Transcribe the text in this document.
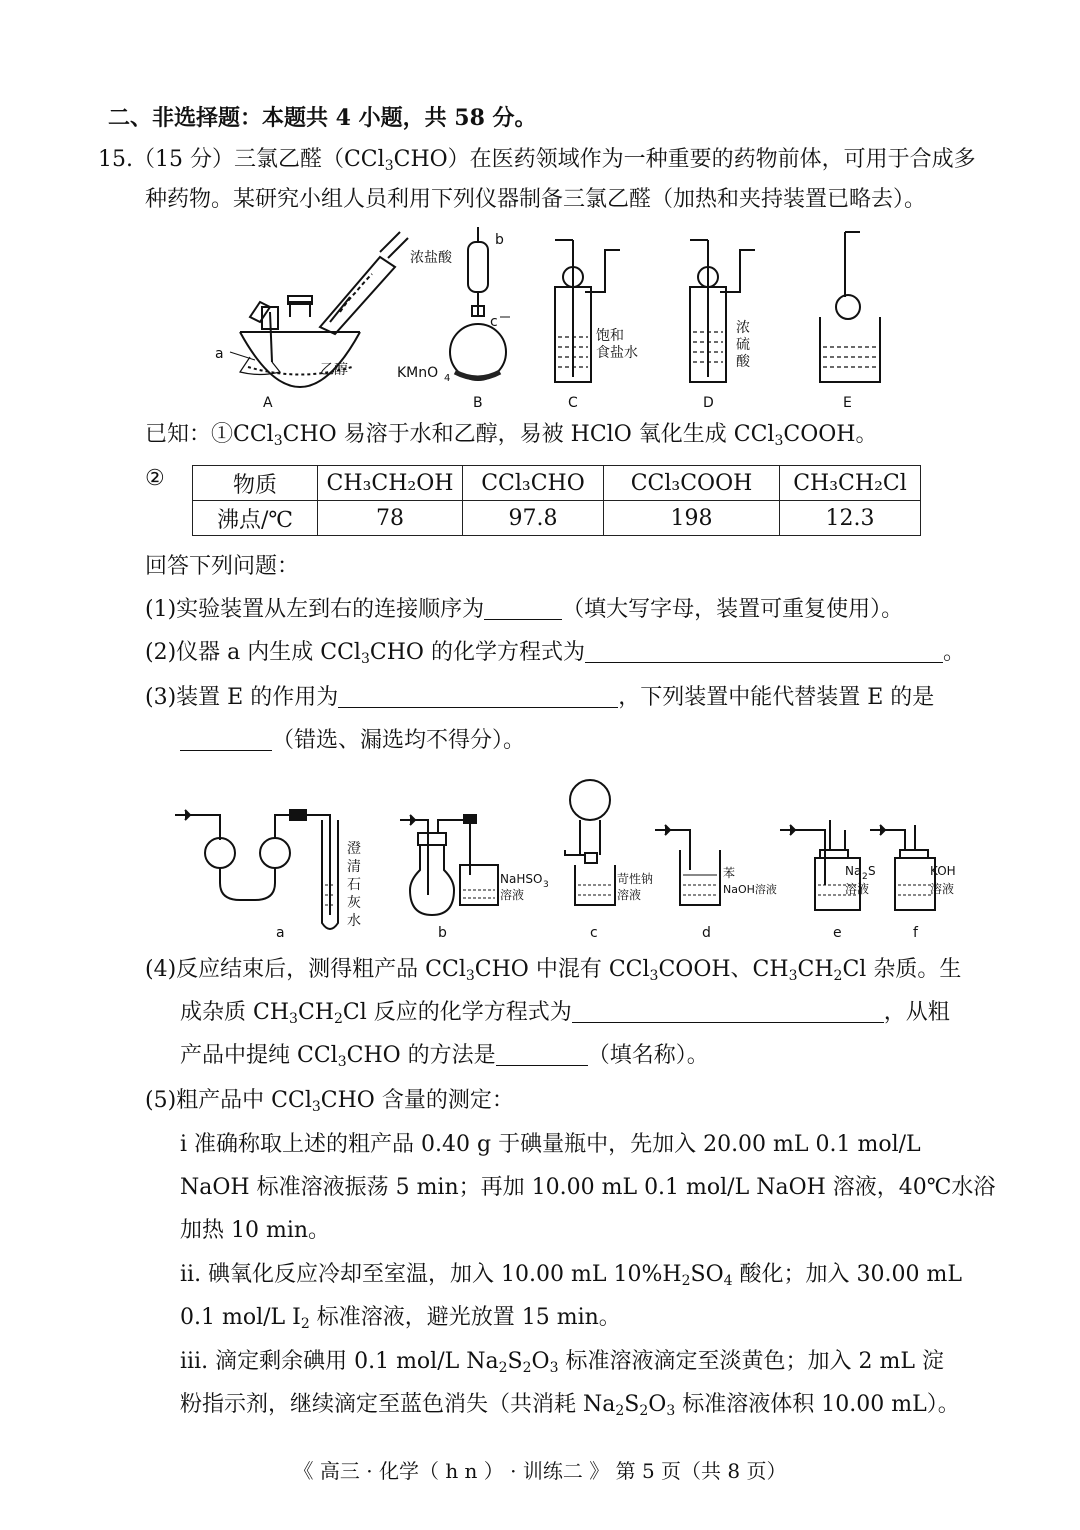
二、非选择题：本题共 4 小题，共 58 分。
15.（15 分）三氯乙醛（CCl$_3$CHO）在医药领域作为一种重要的药物前体，可用于合成多
种药物。某研究小组人员利用下列仪器制备三氯乙醛（加热和夹持装置已略去）。
a
乙醇
A
浓盐酸
b
c
KMnO 4
B
饱和
食盐水
C
浓
硫
酸
D	E
已知：①CCl$_3$CHO 易溶于水和乙醇，易被 HClO 氧化生成 CCl$_3$COOH。
②	物质	CH₃CH₂OH	CCl₃CHO	CCl₃COOH	CH₃CH₂Cl
沸点/℃	78	97.8	198	12.3
回答下列问题：
(1)实验装置从左到右的连接顺序为	（填大写字母，装置可重复使用）。
(2)仪器 a 内生成 CCl$_3$CHO 的化学方程式为	。
(3)装置 E 的作用为	，下列装置中能代替装置 E 的是
（错选、漏选均不得分）。
澄
清
石
灰
水
a
NaHSO 3
溶液
b
苛性钠
溶液
c
苯
NaOH溶液
d
Na 2 S
溶液
e
KOH
溶液
f
(4)反应结束后，测得粗产品 CCl$_3$CHO 中混有 CCl$_3$COOH、$CH_3CH_2Cl$ 杂质。生
成杂质 $CH_3CH_2Cl$ 反应的化学方程式为	，从粗
产品中提纯 CCl$_3$CHO 的方法是	（填名称）。
(5)粗产品中 CCl$_3$CHO 含量的测定：
ⅰ 准确称取上述的粗产品 0.40 g 于碘量瓶中，先加入 20.00 mL 0.1 mol/L
NaOH 标准溶液振荡 5 min；再加 10.00 mL 0.1 mol/L NaOH 溶液，40℃水浴
加热 10 min。
ⅱ. 碘氧化反应冷却至室温，加入 10.00 mL $10\%H_2SO_4$ 酸化；加入 30.00 mL
0.1 mol/L $I_2$ 标准溶液，避光放置 15 min。
ⅲ. 滴定剩余碘用 0.1 mol/L $Na_2S_2O_3$ 标准溶液滴定至淡黄色；加入 2 mL 淀
粉指示剂，继续滴定至蓝色消失（共消耗 $Na_2S_2O_3$ 标准溶液体积 10.00 mL）。
《 高三 · 化学（ h n ） · 训练二 》 第 5 页（共 8 页）
